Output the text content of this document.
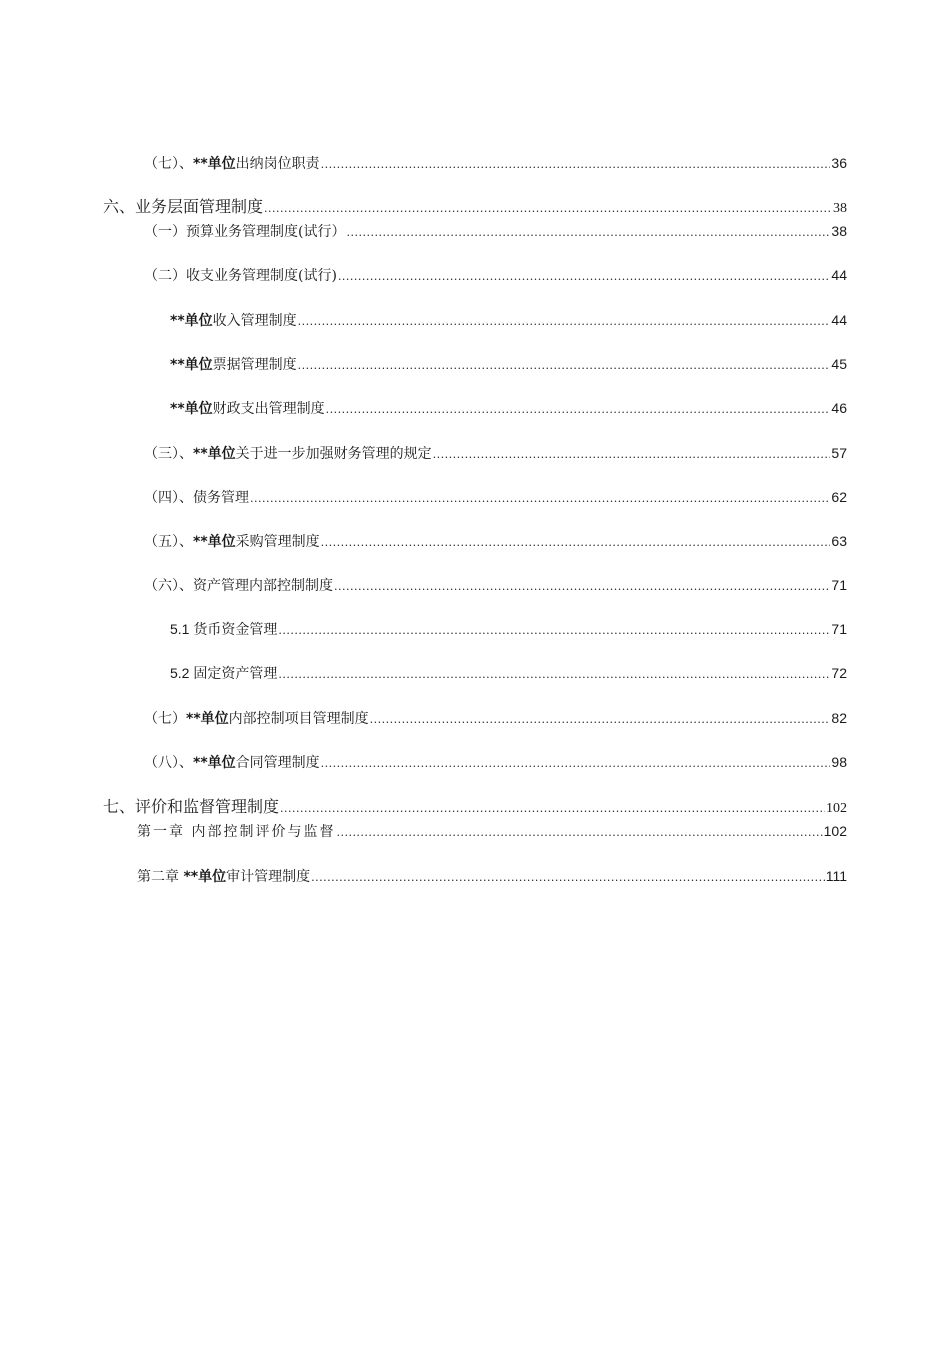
（七）、**单位出纳岗位职责 .....	36
六、业务层面管理制度 .....	38
（一）预算业务管理制度(试行） .....	38
（二）收支业务管理制度(试行) .....	44
**单位收入管理制度 .....	44
**单位票据管理制度 .....	45
**单位财政支出管理制度 .....	46
（三）、**单位关于进一步加强财务管理的规定 .....	57
（四）、债务管理 .....	62
（五）、**单位采购管理制度 .....	63
（六）、资产管理内部控制制度 .....	71
5.1 货币资金管理 .....	71
5.2 固定资产管理 .....	72
（七）**单位内部控制项目管理制度 .....	82
（八）、**单位合同管理制度 .....	98
七、评价和监督管理制度 .....	102
第一章 内部控制评价与监督 .....	102
第二章 **单位审计管理制度 .....	111
